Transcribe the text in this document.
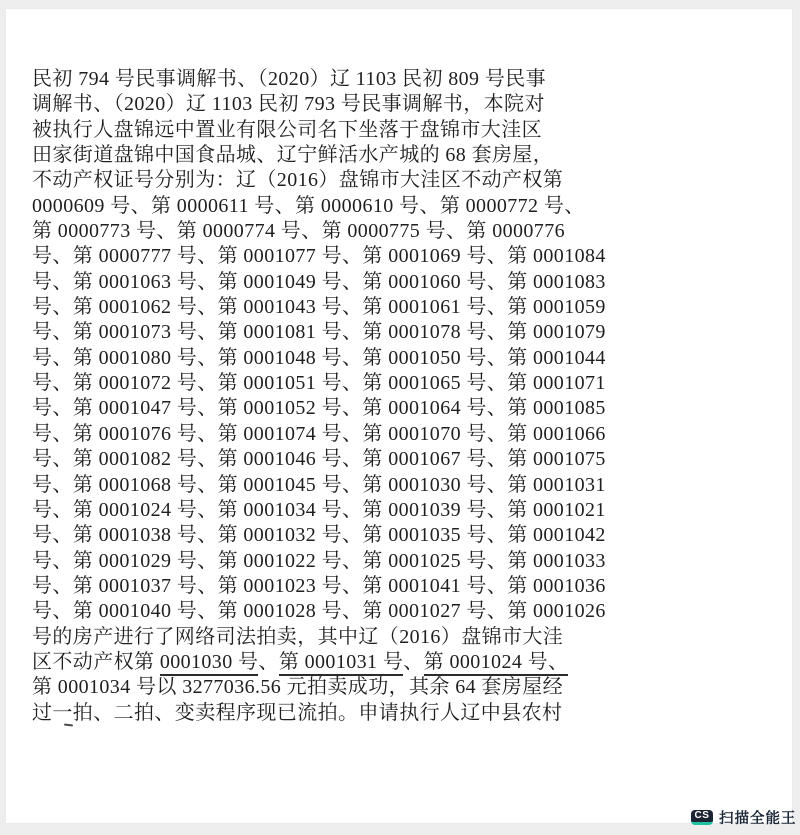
民初 794 号民事调解书、（2020）辽 1103 民初 809 号民事

调解书、（2020）辽 1103 民初 793 号民事调解书，本院对

被执行人盘锦远中置业有限公司名下坐落于盘锦市大洼区

田家街道盘锦中国食品城、辽宁鲜活水产城的 68 套房屋，

不动产权证号分别为：辽（2016）盘锦市大洼区不动产权第

0000609 号、第 0000611 号、第 0000610 号、第 0000772 号、

第 0000773 号、第 0000774 号、第 0000775 号、第 0000776

号、第 0000777 号、第 0001077 号、第 0001069 号、第 0001084

号、第 0001063 号、第 0001049 号、第 0001060 号、第 0001083

号、第 0001062 号、第 0001043 号、第 0001061 号、第 0001059

号、第 0001073 号、第 0001081 号、第 0001078 号、第 0001079

号、第 0001080 号、第 0001048 号、第 0001050 号、第 0001044

号、第 0001072 号、第 0001051 号、第 0001065 号、第 0001071

号、第 0001047 号、第 0001052 号、第 0001064 号、第 0001085

号、第 0001076 号、第 0001074 号、第 0001070 号、第 0001066

号、第 0001082 号、第 0001046 号、第 0001067 号、第 0001075

号、第 0001068 号、第 0001045 号、第 0001030 号、第 0001031

号、第 0001024 号、第 0001034 号、第 0001039 号、第 0001021

号、第 0001038 号、第 0001032 号、第 0001035 号、第 0001042

号、第 0001029 号、第 0001022 号、第 0001025 号、第 0001033

号、第 0001037 号、第 0001023 号、第 0001041 号、第 0001036

号、第 0001040 号、第 0001028 号、第 0001027 号、第 0001026

号的房产进行了网络司法拍卖，其中辽（2016）盘锦市大洼

区不动产权第 0001030 号、第 0001031 号、第 0001024 号、

第 0001034 号以 3277036.56 元拍卖成功，其余 64 套房屋经

过一拍、二拍、变卖程序现已流拍。申请执行人辽中县农村

CS 扫描全能王
